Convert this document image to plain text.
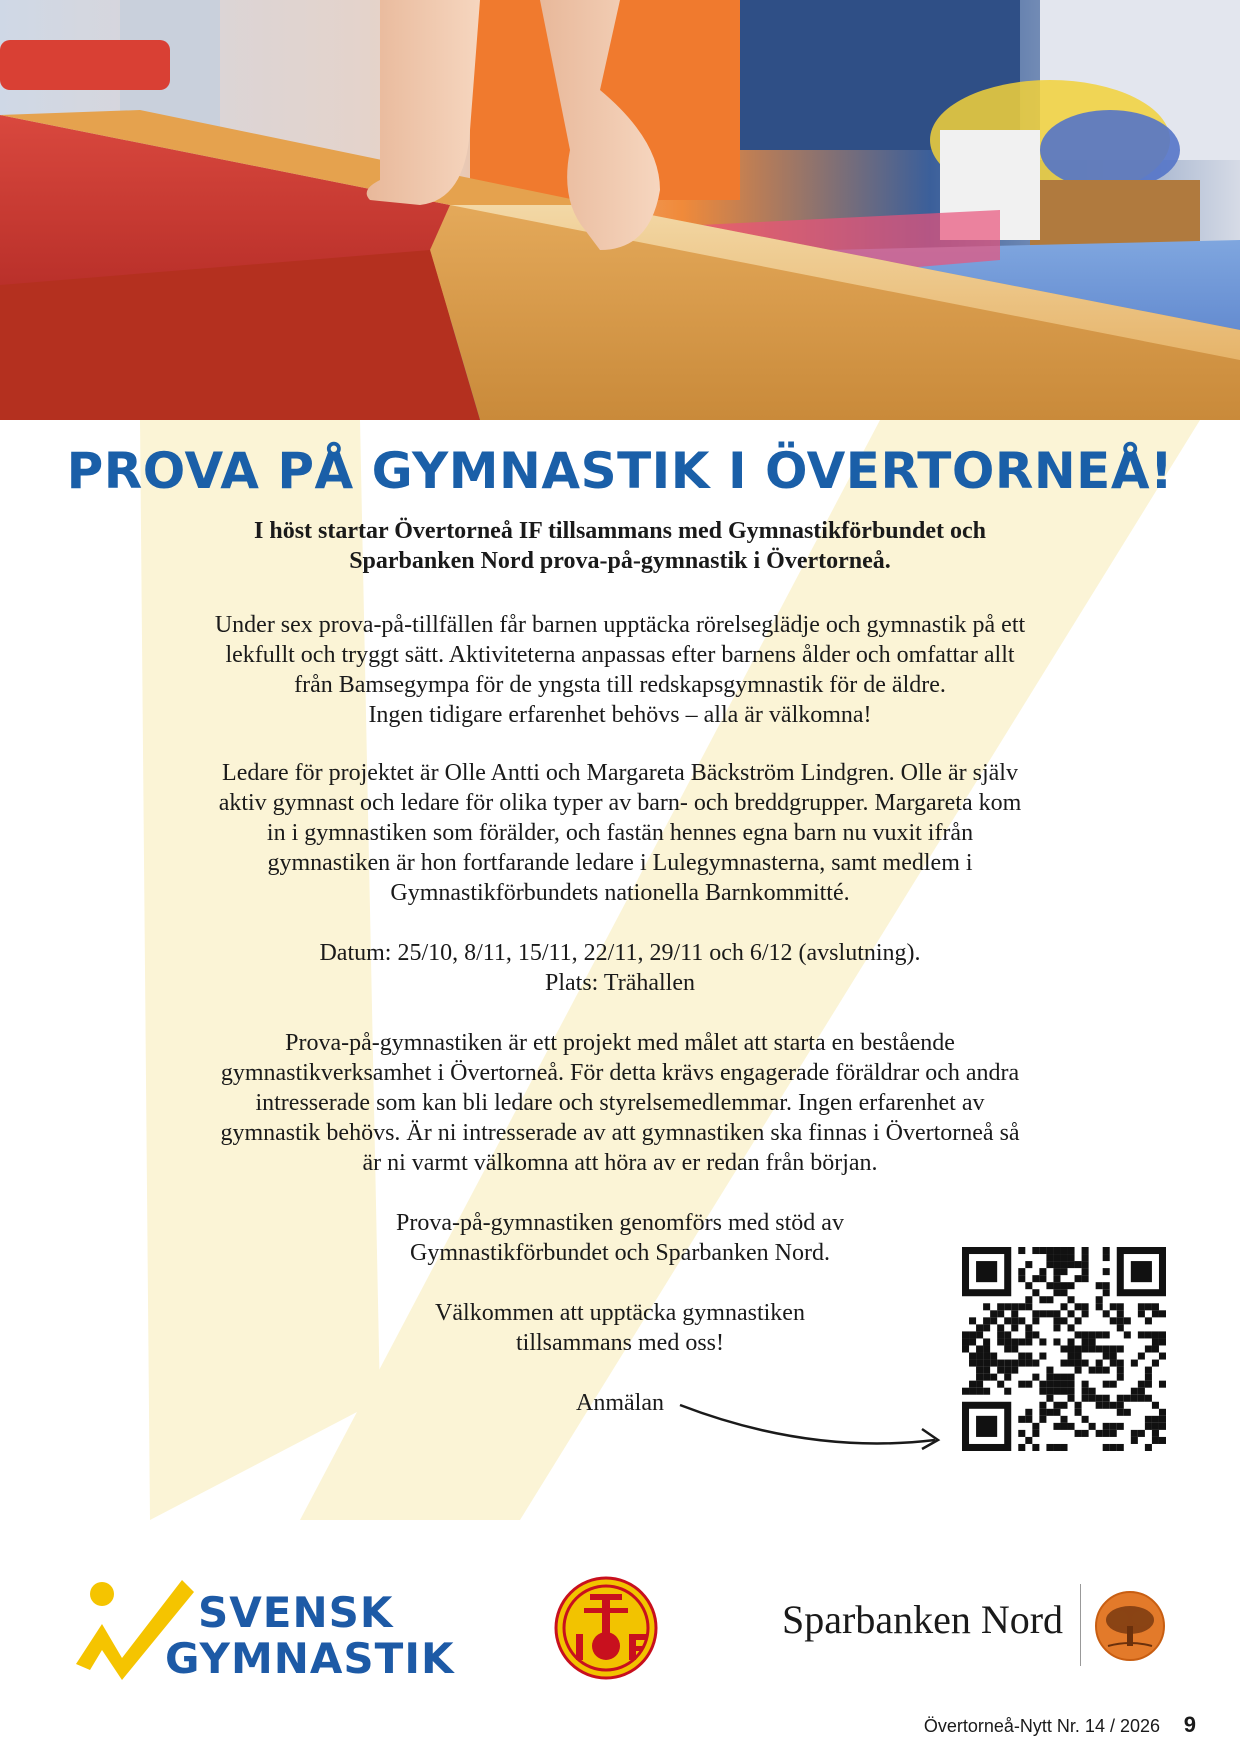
PROVA PÅ GYMNASTIK I ÖVERTORNEÅ!
I höst startar Övertorneå IF tillsammans med Gymnastikförbundet och
Sparbanken Nord prova-på-gymnastik i Övertorneå.
Under sex prova-på-tillfällen får barnen upptäcka rörelseglädje och gymnastik på ett
lekfullt och tryggt sätt. Aktiviteterna anpassas efter barnens ålder och omfattar allt
från Bamsegympa för de yngsta till redskapsgymnastik för de äldre.
Ingen tidigare erfarenhet behövs – alla är välkomna!
Ledare för projektet är Olle Antti och Margareta Bäckström Lindgren. Olle är själv
aktiv gymnast och ledare för olika typer av barn- och breddgrupper. Margareta kom
in i gymnastiken som förälder, och fastän hennes egna barn nu vuxit ifrån
gymnastiken är hon fortfarande ledare i Lulegymnasterna, samt medlem i
Gymnastikförbundets nationella Barnkommitté.
Datum: 25/10, 8/11, 15/11, 22/11, 29/11 och 6/12 (avslutning).
Plats: Trähallen
Prova-på-gymnastiken är ett projekt med målet att starta en bestående
gymnastikverksamhet i Övertorneå. För detta krävs engagerade föräldrar och andra
intresserade som kan bli ledare och styrelsemedlemmar. Ingen erfarenhet av
gymnastik behövs. Är ni intresserade av att gymnastiken ska finnas i Övertorneå så
är ni varmt välkomna att höra av er redan från början.
Prova-på-gymnastiken genomförs med stöd av
Gymnastikförbundet och Sparbanken Nord.
Välkommen att upptäcka gymnastiken
tillsammans med oss!
Anmälan
SVENSK
GYMNASTIK
Sparbanken Nord
Övertorneå-Nytt Nr. 14 / 2026 9
